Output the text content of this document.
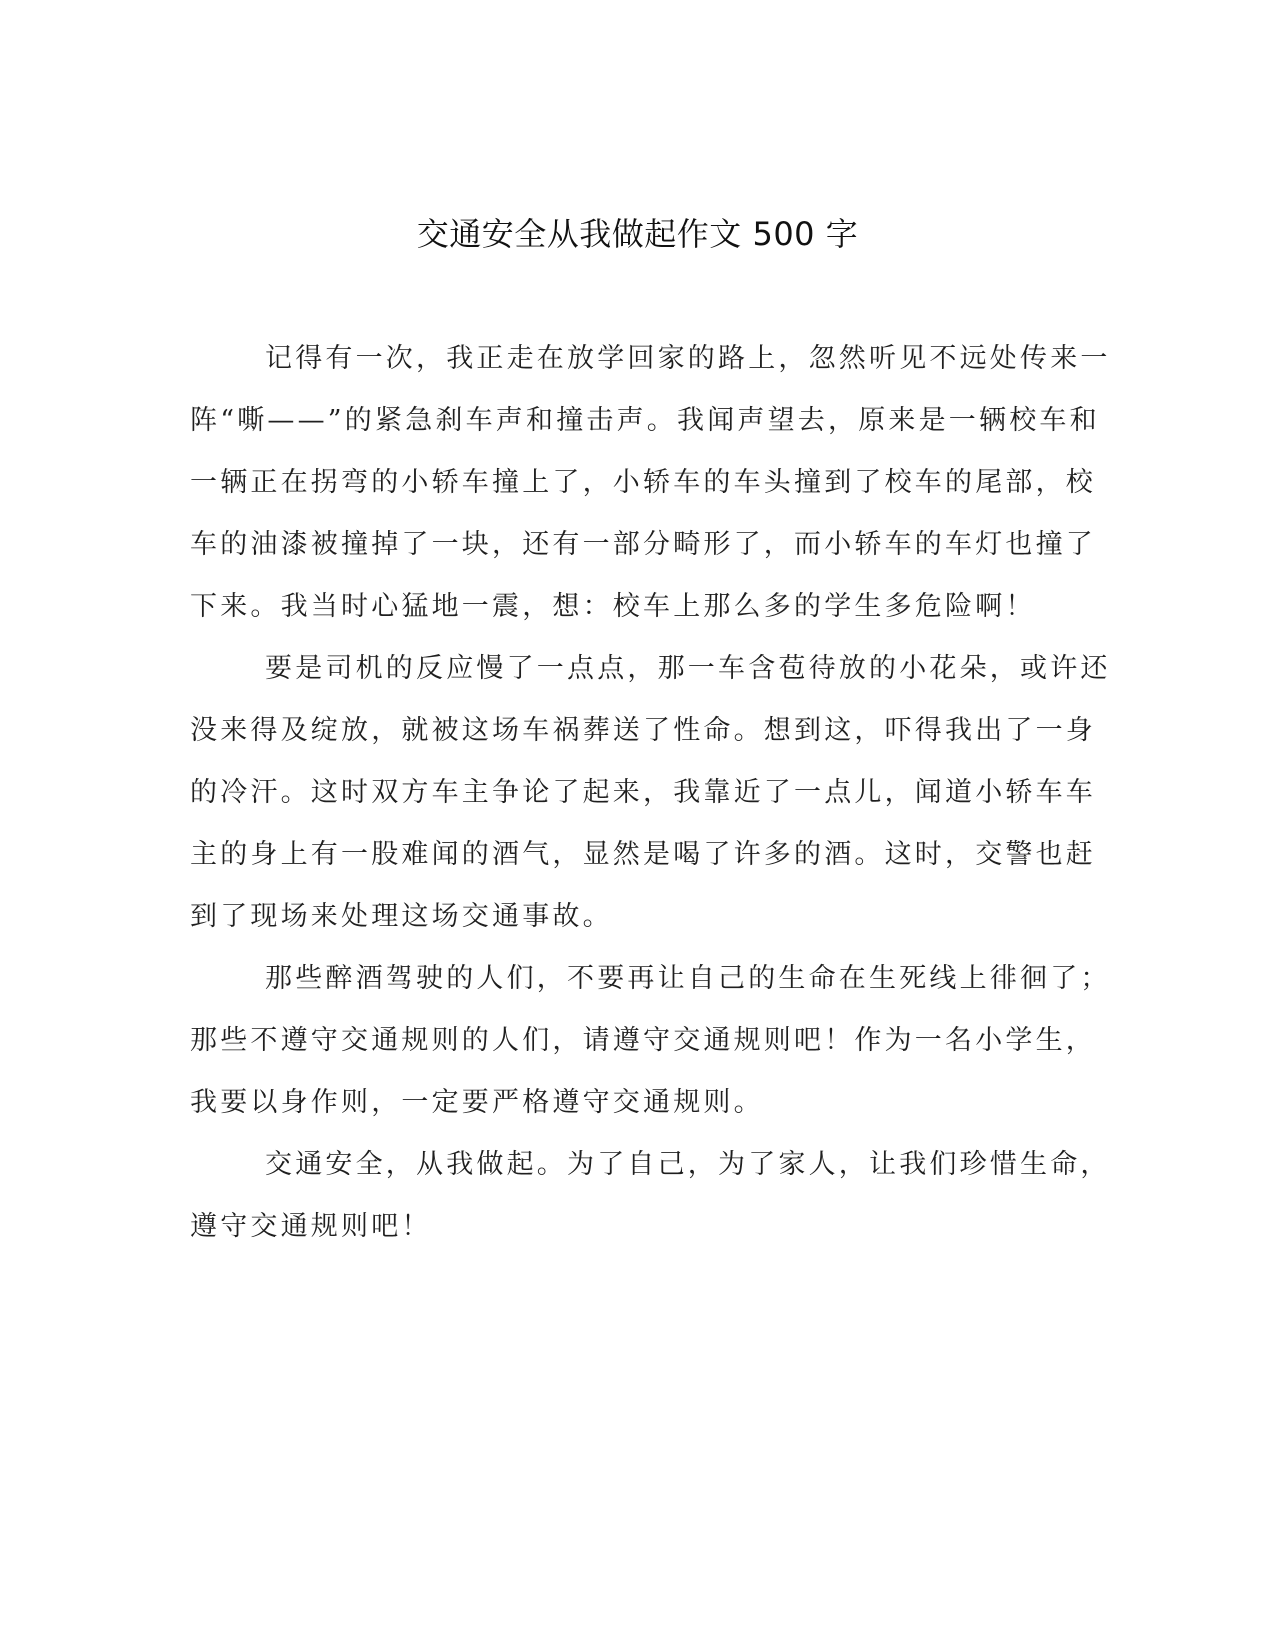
交通安全从我做起作文 500 字
记得有一次，我正走在放学回家的路上，忽然听见不远处传来一
阵“嘶——”的紧急刹车声和撞击声。我闻声望去，原来是一辆校车和
一辆正在拐弯的小轿车撞上了，小轿车的车头撞到了校车的尾部，校
车的油漆被撞掉了一块，还有一部分畸形了，而小轿车的车灯也撞了
下来。我当时心猛地一震，想：校车上那么多的学生多危险啊！
要是司机的反应慢了一点点，那一车含苞待放的小花朵，或许还
没来得及绽放，就被这场车祸葬送了性命。想到这，吓得我出了一身
的冷汗。这时双方车主争论了起来，我靠近了一点儿，闻道小轿车车
主的身上有一股难闻的酒气，显然是喝了许多的酒。这时，交警也赶
到了现场来处理这场交通事故。
那些醉酒驾驶的人们，不要再让自己的生命在生死线上徘徊了；
那些不遵守交通规则的人们，请遵守交通规则吧！作为一名小学生，
我要以身作则，一定要严格遵守交通规则。
交通安全，从我做起。为了自己，为了家人，让我们珍惜生命，
遵守交通规则吧！
